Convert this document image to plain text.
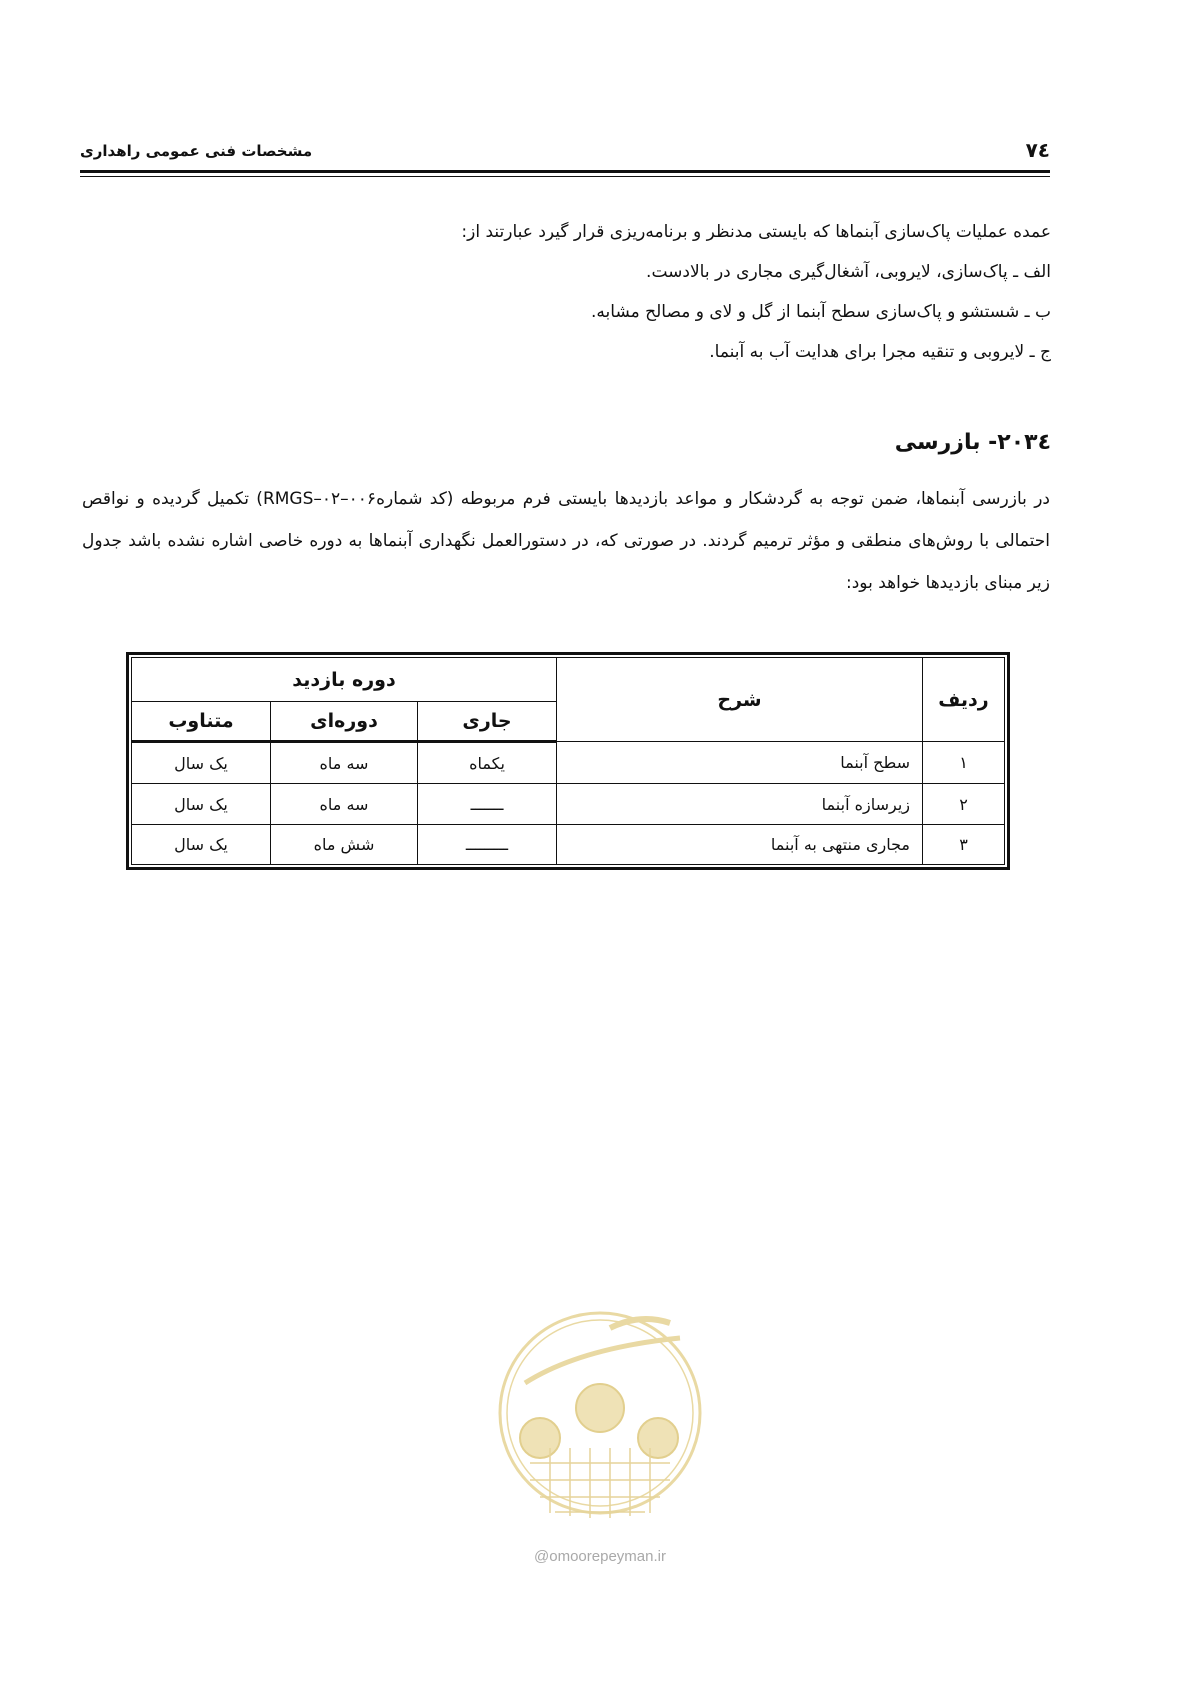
۷٤
مشخصات فنی عمومی راهداری

عمده عملیات پاک‌سازی آبنماها که بایستی مدنظر و برنامه‌ریزی قرار گیرد عبارتند از:

الف ـ پاک‌سازی، لایروبی، آشغال‌گیری مجاری در بالادست.

ب ـ شستشو و پاک‌سازی سطح آبنما از گل و لای و مصالح مشابه.

ج ـ لایروبی و تنقیه مجرا برای هدایت آب به آبنما.

۲۰۳٤- بازرسی

در بازرسی آبنماها، ضمن توجه به گردشکار و مواعد بازدیدها بایستی فرم مربوطه (کد شماره۰۰۶–۰۲–RMGS) تکمیل گردیده و نواقص احتمالی با روش‌های منطقی و مؤثر ترمیم گردند. در صورتی که، در دستورالعمل نگهداری آبنماها به دوره خاصی اشاره نشده باشد جدول زیر مبنای بازدیدها خواهد بود:

ردیف	شرح	دوره بازدید		
		جاری	دوره‌ای	متناوب
۱	سطح آبنما	یکماه	سه ماه	یک سال
۲	زیرسازه آبنما	ـــــــ	سه ماه	یک سال
۳	مجاری منتهی به آبنما	ـــــــــ	شش ماه	یک سال
@omoorepeyman.ir
